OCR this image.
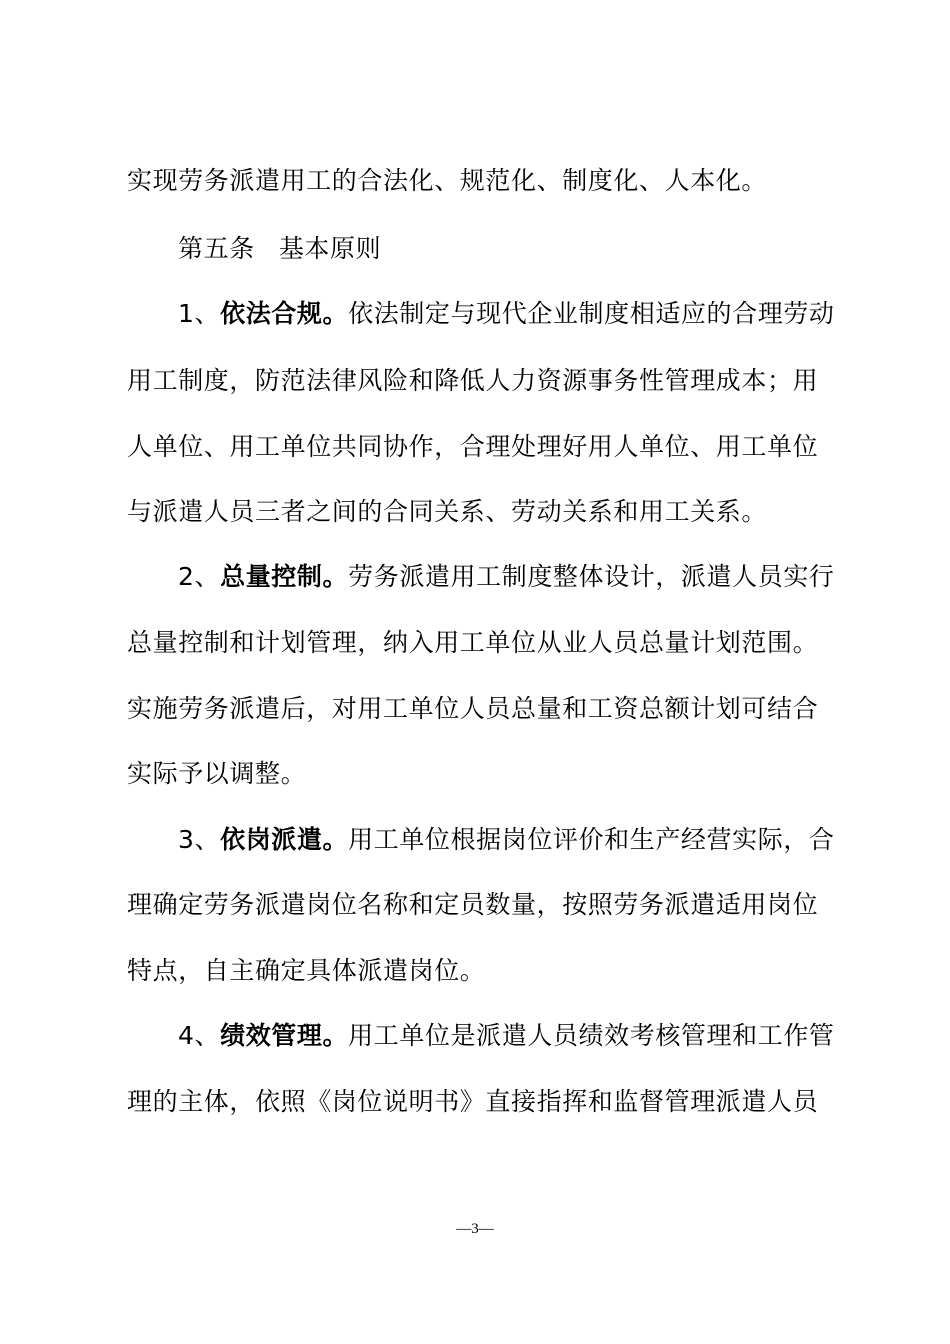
实现劳务派遣用工的合法化、规范化、制度化、人本化。
第五条 基本原则
1、依法合规。依法制定与现代企业制度相适应的合理劳动
用工制度，防范法律风险和降低人力资源事务性管理成本；用
人单位、用工单位共同协作，合理处理好用人单位、用工单位
与派遣人员三者之间的合同关系、劳动关系和用工关系。
2、总量控制。劳务派遣用工制度整体设计，派遣人员实行
总量控制和计划管理，纳入用工单位从业人员总量计划范围。
实施劳务派遣后，对用工单位人员总量和工资总额计划可结合
实际予以调整。
3、依岗派遣。用工单位根据岗位评价和生产经营实际，合
理确定劳务派遣岗位名称和定员数量，按照劳务派遣适用岗位
特点，自主确定具体派遣岗位。
4、绩效管理。用工单位是派遣人员绩效考核管理和工作管
理的主体，依照《岗位说明书》直接指挥和监督管理派遣人员
—3—
